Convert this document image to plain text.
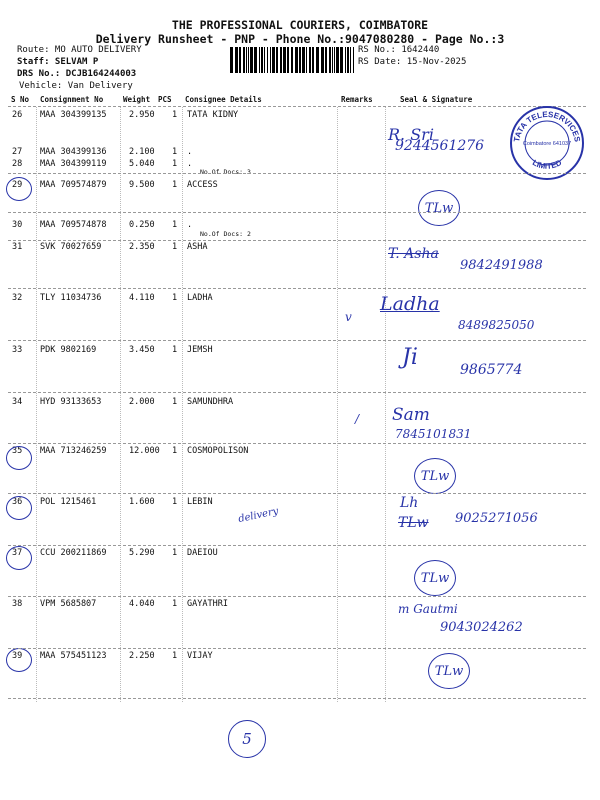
THE PROFESSIONAL COURIERS, COIMBATORE
Delivery Runsheet - PNP - Phone No.:9047080280 - Page No.:3
Route: MO AUTO DELIVERY
Staff: SELVAM P
DRS No.: DCJB164244003
Vehicle: Van Delivery
RS No.: 1642440
RS Date: 15-Nov-2025
S No Consignment No	Weight PCS Consignee Details	Remarks	Seal & Signature
26 MAA 304399135	2.950 1 TATA KIDNY
27 MAA 304399136	2.100 1 .
28 MAA 304399119	5.040 1 .
29 MAA 709574879	9.500 1 ACCESS
30 MAA 709574878	0.250 1 .
31 SVK 70027659	2.350 1 ASHA
32 TLY 11034736	4.110 1 LADHA
33 PDK 9802169	3.450 1 JEMSH
34 HYD 93133653	2.000 1 SAMUNDHRA
35 MAA 713246259	12.000 1 COSMOPOLISON
36 POL 1215461	1.600 1 LEBIN
37 CCU 200211869	5.290 1 DAEIOU
38 VPM 5685807	4.040 1 GAYATHRI
39 MAA 575451123	2.250 1 VIJAY
No.Of Docs: 3
No.Of Docs: 2
TATA TELESERVICES
LIMITED
Coimbatore 641037
R. Sri
9244561276
TLw
T. Asha
9842491988
v
Ladha
8489825050
Ji	9865774
/ Sam
7845101831
TLw
delivery
Lh
TLw 9025271056
TLw
m Gautmi
9043024262
TLw
5
